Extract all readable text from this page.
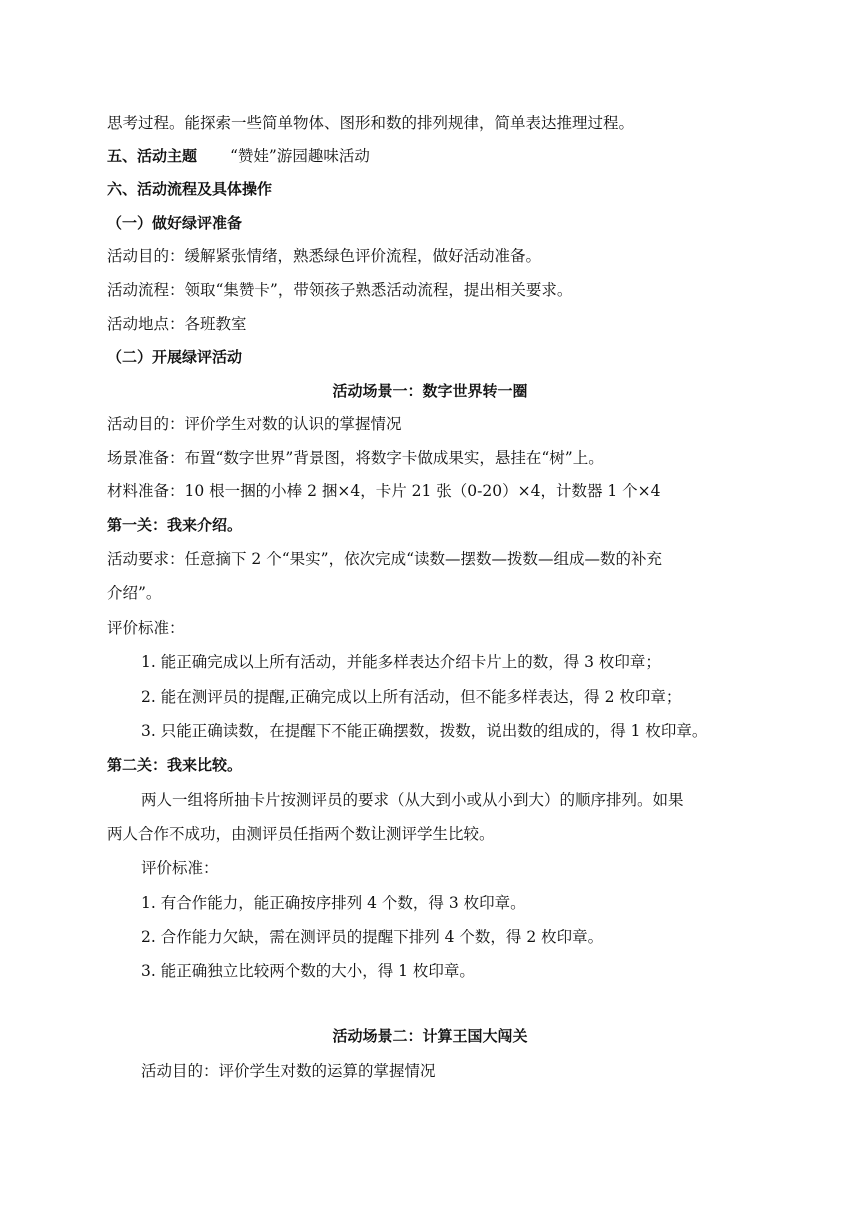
思考过程。能探索一些简单物体、图形和数的排列规律，简单表达推理过程。
五、活动主题 “赞娃”游园趣味活动
六、活动流程及具体操作
（一）做好绿评准备
活动目的：缓解紧张情绪，熟悉绿色评价流程，做好活动准备。
活动流程：领取“集赞卡”，带领孩子熟悉活动流程，提出相关要求。
活动地点：各班教室
（二）开展绿评活动
活动场景一：数字世界转一圈
活动目的：评价学生对数的认识的掌握情况
场景准备：布置“数字世界”背景图，将数字卡做成果实，悬挂在“树”上。
材料准备：10 根一捆的小棒 2 捆×4，卡片 21 张（0-20）×4，计数器 1 个×4
第一关：我来介绍。
活动要求：任意摘下 2 个“果实”，依次完成“读数—摆数—拨数—组成—数的补充
介绍”。
评价标准：
1. 能正确完成以上所有活动，并能多样表达介绍卡片上的数，得 3 枚印章；
2. 能在测评员的提醒,正确完成以上所有活动，但不能多样表达，得 2 枚印章；
3. 只能正确读数，在提醒下不能正确摆数，拨数，说出数的组成的，得 1 枚印章。
第二关：我来比较。
两人一组将所抽卡片按测评员的要求（从大到小或从小到大）的顺序排列。如果
两人合作不成功，由测评员任指两个数让测评学生比较。
评价标准：
1. 有合作能力，能正确按序排列 4 个数，得 3 枚印章。
2. 合作能力欠缺，需在测评员的提醒下排列 4 个数，得 2 枚印章。
3. 能正确独立比较两个数的大小，得 1 枚印章。
活动场景二：计算王国大闯关
活动目的：评价学生对数的运算的掌握情况
